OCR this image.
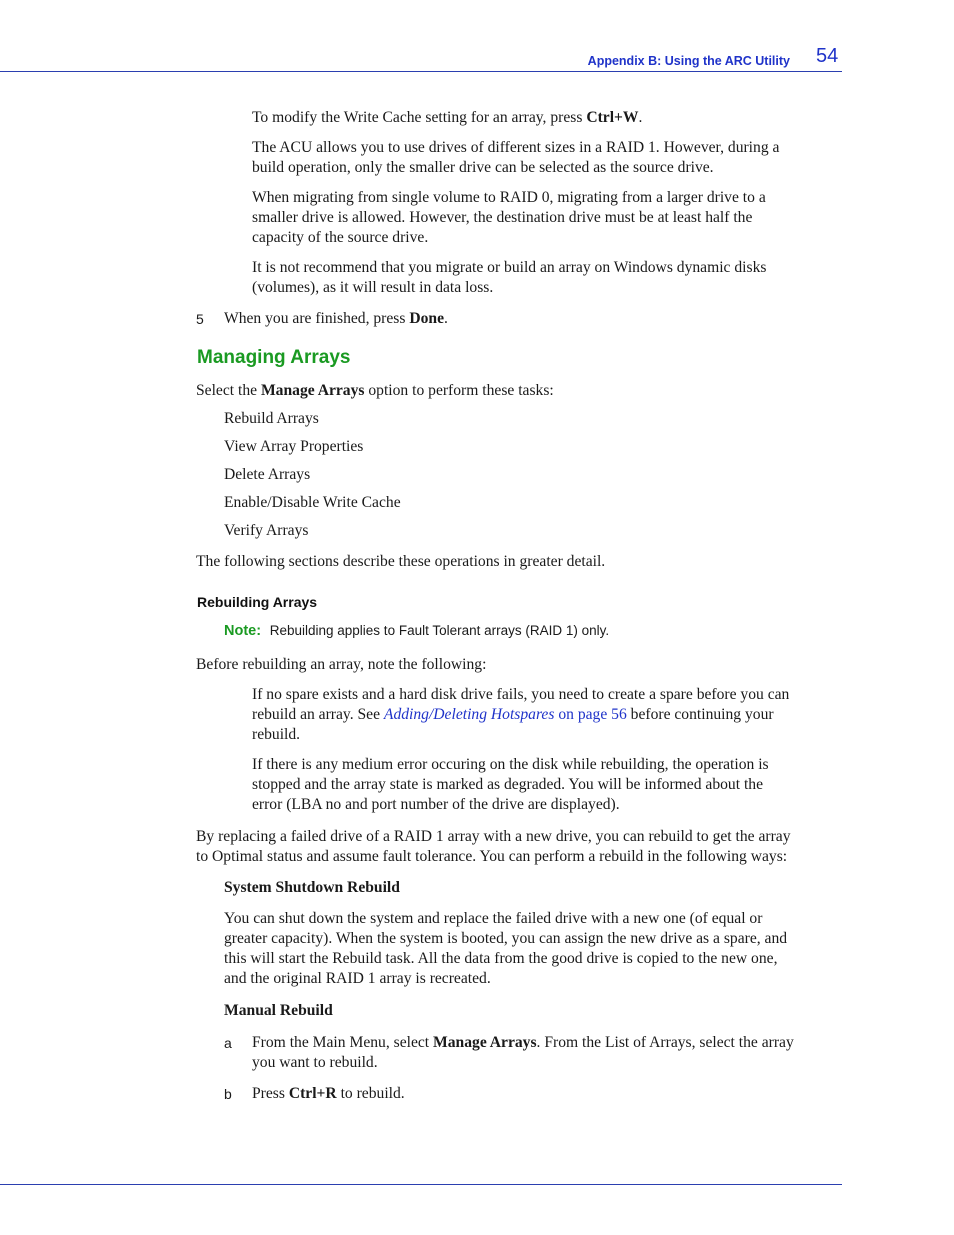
Appendix B: Using the ARC Utility 54
To modify the Write Cache setting for an array, press Ctrl+W.
The ACU allows you to use drives of different sizes in a RAID 1. However, during a
build operation, only the smaller drive can be selected as the source drive.
When migrating from single volume to RAID 0, migrating from a larger drive to a
smaller drive is allowed. However, the destination drive must be at least half the
capacity of the source drive.
It is not recommend that you migrate or build an array on Windows dynamic disks
(volumes), as it will result in data loss.
5 When you are finished, press Done.
Managing Arrays
Select the Manage Arrays option to perform these tasks:
Rebuild Arrays
View Array Properties
Delete Arrays
Enable/Disable Write Cache
Verify Arrays
The following sections describe these operations in greater detail.
Rebuilding Arrays
Note: Rebuilding applies to Fault Tolerant arrays (RAID 1) only.
Before rebuilding an array, note the following:
If no spare exists and a hard disk drive fails, you need to create a spare before you can
rebuild an array. See Adding/Deleting Hotspares on page 56 before continuing your
rebuild.
If there is any medium error occuring on the disk while rebuilding, the operation is
stopped and the array state is marked as degraded. You will be informed about the
error (LBA no and port number of the drive are displayed).
By replacing a failed drive of a RAID 1 array with a new drive, you can rebuild to get the array
to Optimal status and assume fault tolerance. You can perform a rebuild in the following ways:
System Shutdown Rebuild
You can shut down the system and replace the failed drive with a new one (of equal or
greater capacity). When the system is booted, you can assign the new drive as a spare, and
this will start the Rebuild task. All the data from the good drive is copied to the new one,
and the original RAID 1 array is recreated.
Manual Rebuild
a From the Main Menu, select Manage Arrays. From the List of Arrays, select the array
you want to rebuild.
b Press Ctrl+R to rebuild.
